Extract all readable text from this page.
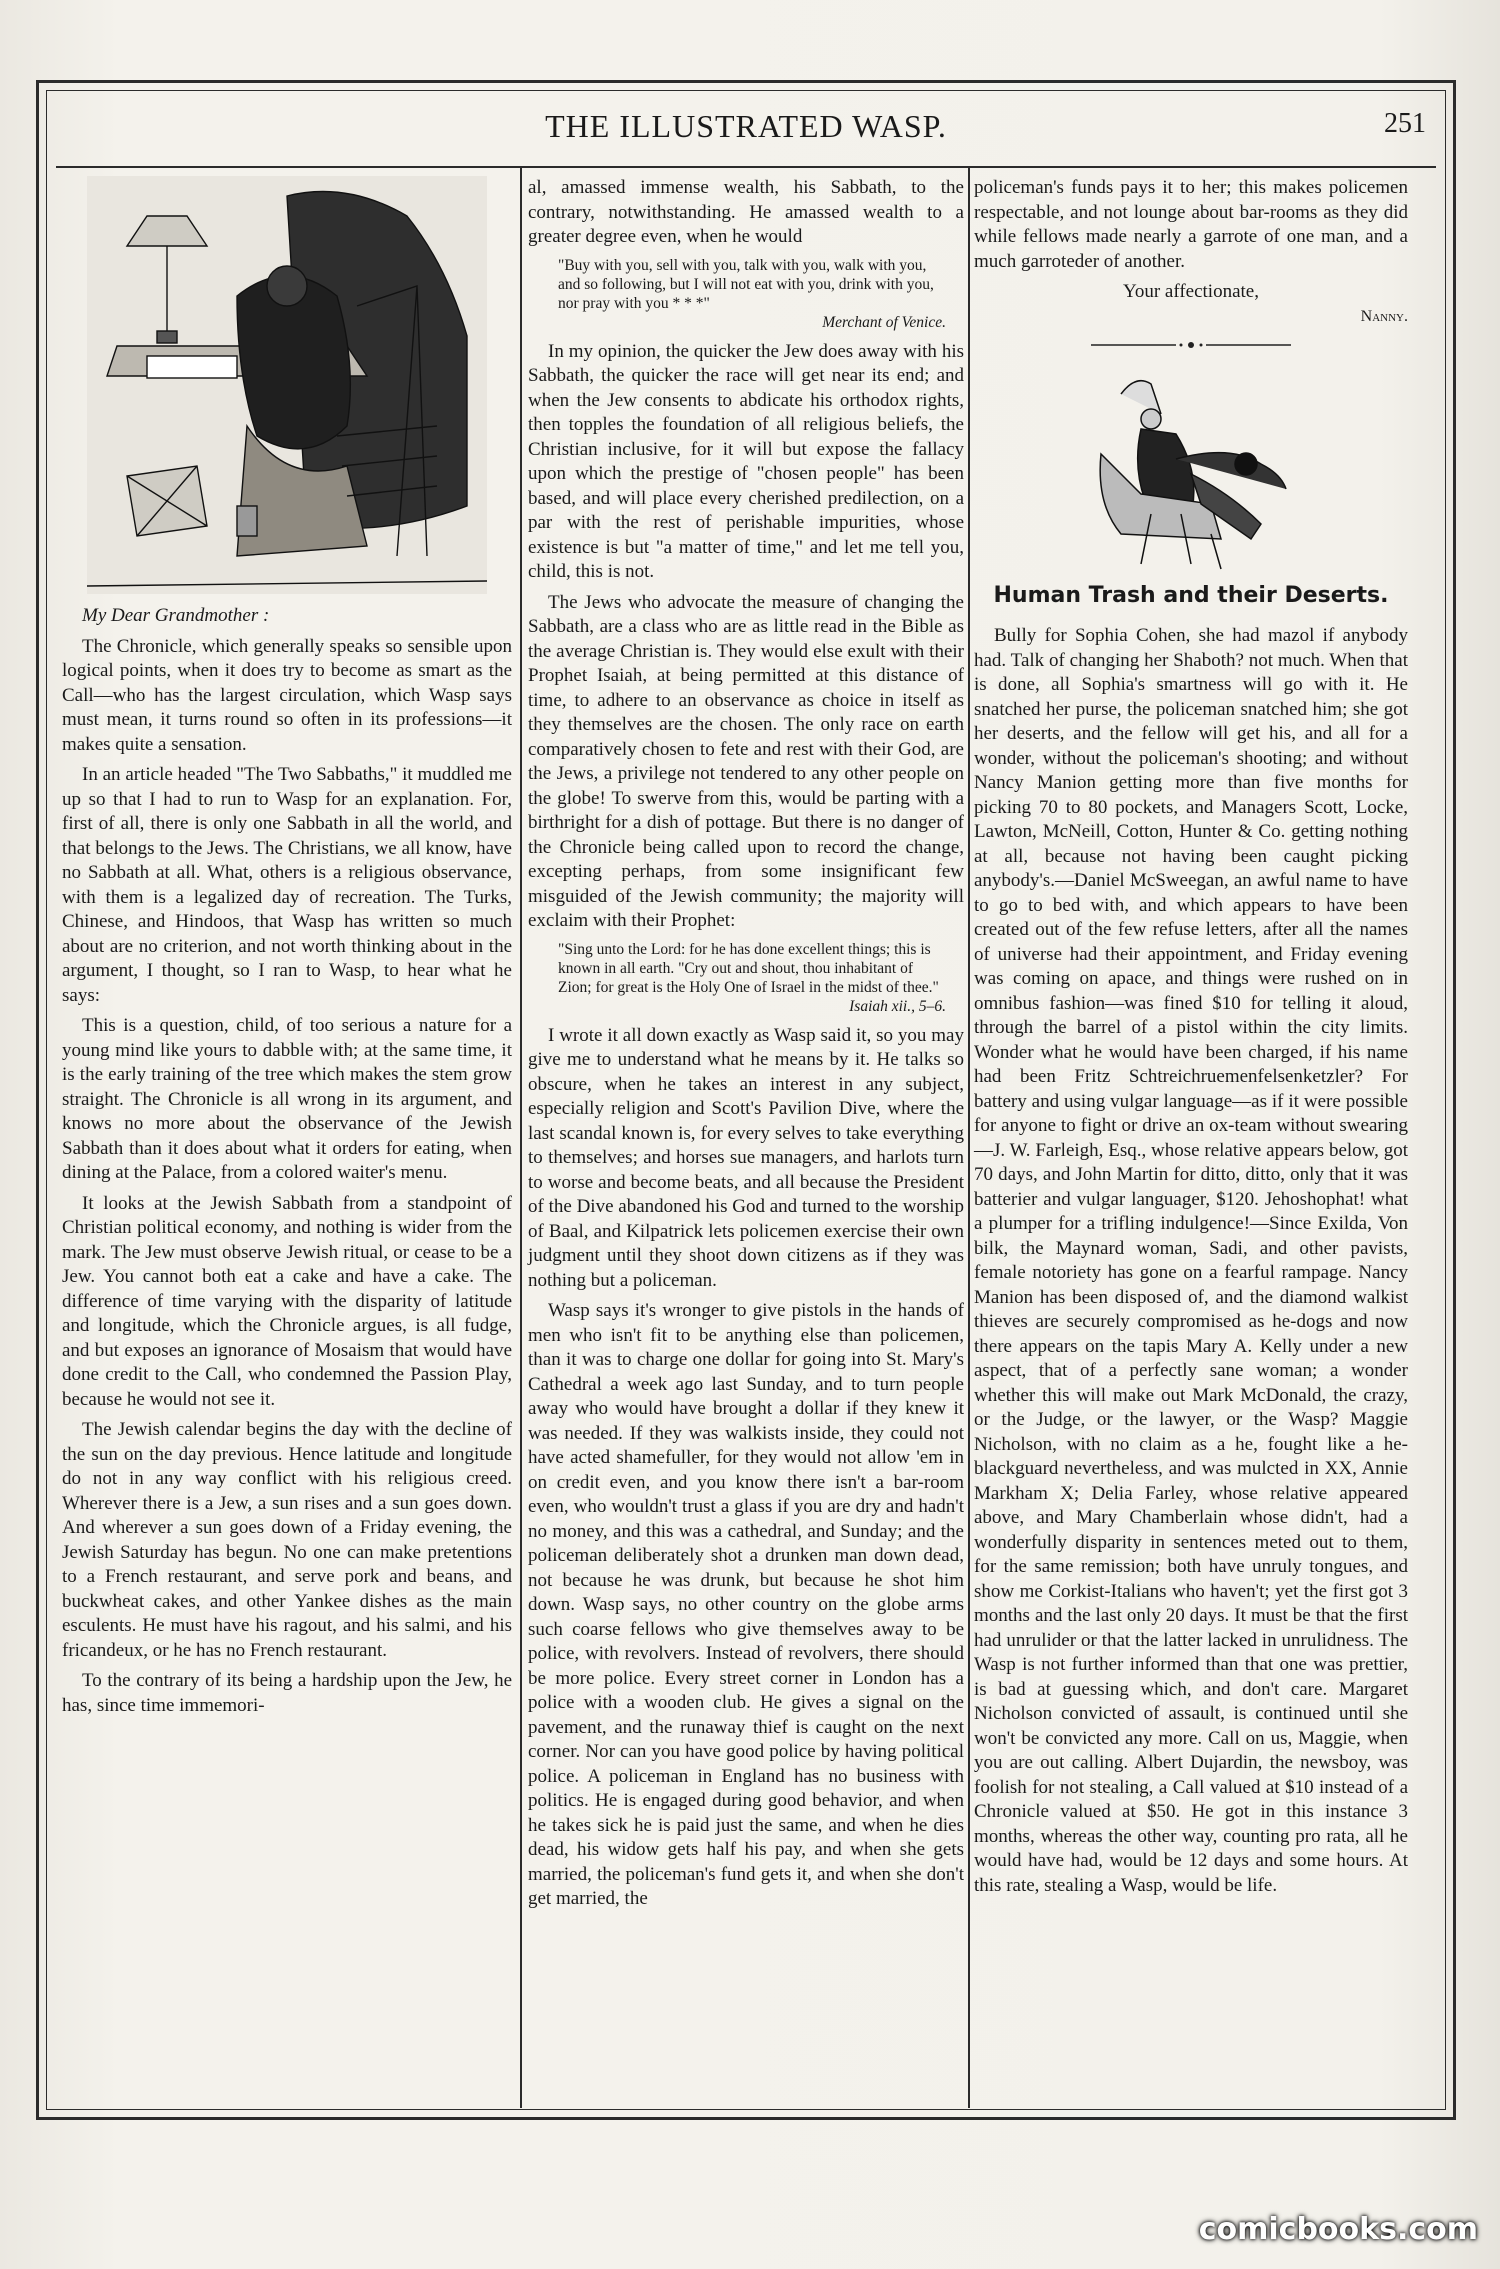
THE ILLUSTRATED WASP.	251

My Dear Grandmother :

The Chronicle, which generally speaks so sensible upon logical points, when it does try to become as smart as the Call—who has the largest circulation, which Wasp says must mean, it turns round so often in its professions—it makes quite a sensation.

In an article headed "The Two Sabbaths," it muddled me up so that I had to run to Wasp for an explanation. For, first of all, there is only one Sabbath in all the world, and that belongs to the Jews. The Christians, we all know, have no Sabbath at all. What, others is a religious observance, with them is a legalized day of recreation. The Turks, Chinese, and Hindoos, that Wasp has written so much about are no criterion, and not worth thinking about in the argument, I thought, so I ran to Wasp, to hear what he says:

This is a question, child, of too serious a nature for a young mind like yours to dabble with; at the same time, it is the early training of the tree which makes the stem grow straight. The Chronicle is all wrong in its argument, and knows no more about the observance of the Jewish Sabbath than it does about what it orders for eating, when dining at the Palace, from a colored waiter's menu.

It looks at the Jewish Sabbath from a standpoint of Christian political economy, and nothing is wider from the mark. The Jew must observe Jewish ritual, or cease to be a Jew. You cannot both eat a cake and have a cake. The difference of time varying with the disparity of latitude and longitude, which the Chronicle argues, is all fudge, and but exposes an ignorance of Mosaism that would have done credit to the Call, who condemned the Passion Play, because he would not see it.

The Jewish calendar begins the day with the decline of the sun on the day previous. Hence latitude and longitude do not in any way conflict with his religious creed. Wherever there is a Jew, a sun rises and a sun goes down. And wherever a sun goes down of a Friday evening, the Jewish Saturday has begun. No one can make pretentions to a French restaurant, and serve pork and beans, and buckwheat cakes, and other Yankee dishes as the main esculents. He must have his ragout, and his salmi, and his fricandeux, or he has no French restaurant.

To the contrary of its being a hardship upon the Jew, he has, since time immemori-

al, amassed immense wealth, his Sabbath, to the contrary, notwithstanding. He amassed wealth to a greater degree even, when he would

"Buy with you, sell with you, talk with you, walk with you, and so following, but I will not eat with you, drink with you, nor pray with you * * *"
Merchant of Venice.

In my opinion, the quicker the Jew does away with his Sabbath, the quicker the race will get near its end; and when the Jew consents to abdicate his orthodox rights, then topples the foundation of all religious beliefs, the Christian inclusive, for it will but expose the fallacy upon which the prestige of "chosen people" has been based, and will place every cherished predilection, on a par with the rest of perishable impurities, whose existence is but "a matter of time," and let me tell you, child, this is not.

The Jews who advocate the measure of changing the Sabbath, are a class who are as little read in the Bible as the average Christian is. They would else exult with their Prophet Isaiah, at being permitted at this distance of time, to adhere to an observance as choice in itself as they themselves are the chosen. The only race on earth comparatively chosen to fete and rest with their God, are the Jews, a privilege not tendered to any other people on the globe! To swerve from this, would be parting with a birthright for a dish of pottage. But there is no danger of the Chronicle being called upon to record the change, excepting perhaps, from some insignificant few misguided of the Jewish community; the majority will exclaim with their Prophet:

"Sing unto the Lord: for he has done excellent things; this is known in all earth. "Cry out and shout, thou inhabitant of Zion; for great is the Holy One of Israel in the midst of thee."
Isaiah xii., 5–6.

I wrote it all down exactly as Wasp said it, so you may give me to understand what he means by it. He talks so obscure, when he takes an interest in any subject, especially religion and Scott's Pavilion Dive, where the last scandal known is, for every selves to take everything to themselves; and horses sue managers, and harlots turn to worse and become beats, and all because the President of the Dive abandoned his God and turned to the worship of Baal, and Kilpatrick lets policemen exercise their own judgment until they shoot down citizens as if they was nothing but a policeman.

Wasp says it's wronger to give pistols in the hands of men who isn't fit to be anything else than policemen, than it was to charge one dollar for going into St. Mary's Cathedral a week ago last Sunday, and to turn people away who would have brought a dollar if they knew it was needed. If they was walkists inside, they could not have acted shamefuller, for they would not allow 'em in on credit even, and you know there isn't a bar-room even, who wouldn't trust a glass if you are dry and hadn't no money, and this was a cathedral, and Sunday; and the policeman deliberately shot a drunken man down dead, not because he was drunk, but because he shot him down. Wasp says, no other country on the globe arms such coarse fellows who give themselves away to be police, with revolvers. Instead of revolvers, there should be more police. Every street corner in London has a police with a wooden club. He gives a signal on the pavement, and the runaway thief is caught on the next corner. Nor can you have good police by having political police. A policeman in England has no business with politics. He is engaged during good behavior, and when he takes sick he is paid just the same, and when he dies dead, his widow gets half his pay, and when she gets married, the policeman's fund gets it, and when she don't get married, the

policeman's funds pays it to her; this makes policemen respectable, and not lounge about bar-rooms as they did while fellows made nearly a garrote of one man, and a much garroteder of another.

Your affectionate,
Nanny.
Human Trash and their Deserts.

Bully for Sophia Cohen, she had mazol if anybody had. Talk of changing her Shaboth? not much. When that is done, all Sophia's smartness will go with it. He snatched her purse, the policeman snatched him; she got her deserts, and the fellow will get his, and all for a wonder, without the policeman's shooting; and without Nancy Manion getting more than five months for picking 70 to 80 pockets, and Managers Scott, Locke, Lawton, McNeill, Cotton, Hunter & Co. getting nothing at all, because not having been caught picking anybody's.—Daniel McSweegan, an awful name to have to go to bed with, and which appears to have been created out of the few refuse letters, after all the names of universe had their appointment, and Friday evening was coming on apace, and things were rushed on in omnibus fashion—was fined $10 for telling it aloud, through the barrel of a pistol within the city limits. Wonder what he would have been charged, if his name had been Fritz Schtreichruemenfelsenketzler? For battery and using vulgar language—as if it were possible for anyone to fight or drive an ox-team without swearing—J. W. Farleigh, Esq., whose relative appears below, got 70 days, and John Martin for ditto, ditto, only that it was batterier and vulgar languager, $120. Jehoshophat! what a plumper for a trifling indulgence!—Since Exilda, Von bilk, the Maynard woman, Sadi, and other pavists, female notoriety has gone on a fearful rampage. Nancy Manion has been disposed of, and the diamond walkist thieves are securely compromised as he-dogs and now there appears on the tapis Mary A. Kelly under a new aspect, that of a perfectly sane woman; a wonder whether this will make out Mark McDonald, the crazy, or the Judge, or the lawyer, or the Wasp? Maggie Nicholson, with no claim as a he, fought like a he-blackguard nevertheless, and was mulcted in XX, Annie Markham X; Delia Farley, whose relative appeared above, and Mary Chamberlain whose didn't, had a wonderfully disparity in sentences meted out to them, for the same remission; both have unruly tongues, and show me Corkist-Italians who haven't; yet the first got 3 months and the last only 20 days. It must be that the first had unrulider or that the latter lacked in unrulidness. The Wasp is not further informed than that one was prettier, is bad at guessing which, and don't care. Margaret Nicholson convicted of assault, is continued until she won't be convicted any more. Call on us, Maggie, when you are out calling. Albert Dujardin, the newsboy, was foolish for not stealing, a Call valued at $10 instead of a Chronicle valued at $50. He got in this instance 3 months, whereas the other way, counting pro rata, all he would have had, would be 12 days and some hours. At this rate, stealing a Wasp, would be life.

comicbooks.com
